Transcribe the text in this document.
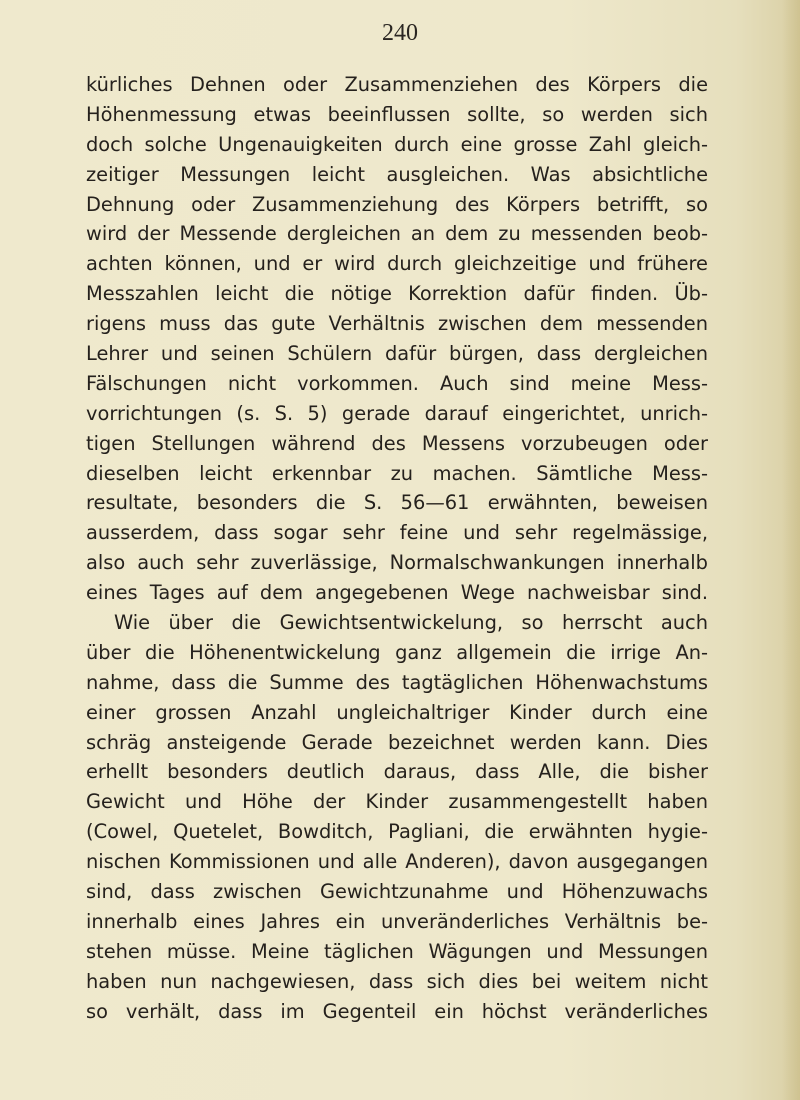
240

kürliches Dehnen oder Zusammenziehen des Körpers die
Höhenmessung etwas beeinflussen sollte, so werden sich
doch solche Ungenauigkeiten durch eine grosse Zahl gleich-
zeitiger Messungen leicht ausgleichen. Was absichtliche
Dehnung oder Zusammenziehung des Körpers betrifft, so
wird der Messende dergleichen an dem zu messenden beob-
achten können, und er wird durch gleichzeitige und frühere
Messzahlen leicht die nötige Korrektion dafür finden. Üb-
rigens muss das gute Verhältnis zwischen dem messenden
Lehrer und seinen Schülern dafür bürgen, dass dergleichen
Fälschungen nicht vorkommen. Auch sind meine Mess-
vorrichtungen (s. S. 5) gerade darauf eingerichtet, unrich-
tigen Stellungen während des Messens vorzubeugen oder
dieselben leicht erkennbar zu machen. Sämtliche Mess-
resultate, besonders die S. 56—61 erwähnten, beweisen
ausserdem, dass sogar sehr feine und sehr regelmässige,
also auch sehr zuverlässige, Normalschwankungen innerhalb
eines Tages auf dem angegebenen Wege nachweisbar sind.
Wie über die Gewichtsentwickelung, so herrscht auch
über die Höhenentwickelung ganz allgemein die irrige An-
nahme, dass die Summe des tagtäglichen Höhenwachstums
einer grossen Anzahl ungleichaltriger Kinder durch eine
schräg ansteigende Gerade bezeichnet werden kann. Dies
erhellt besonders deutlich daraus, dass Alle, die bisher
Gewicht und Höhe der Kinder zusammengestellt haben
(Cowel, Quetelet, Bowditch, Pagliani, die erwähnten hygie-
nischen Kommissionen und alle Anderen), davon ausgegangen
sind, dass zwischen Gewichtzunahme und Höhenzuwachs
innerhalb eines Jahres ein unveränderliches Verhältnis be-
stehen müsse. Meine täglichen Wägungen und Messungen
haben nun nachgewiesen, dass sich dies bei weitem nicht
so verhält, dass im Gegenteil ein höchst veränderliches
